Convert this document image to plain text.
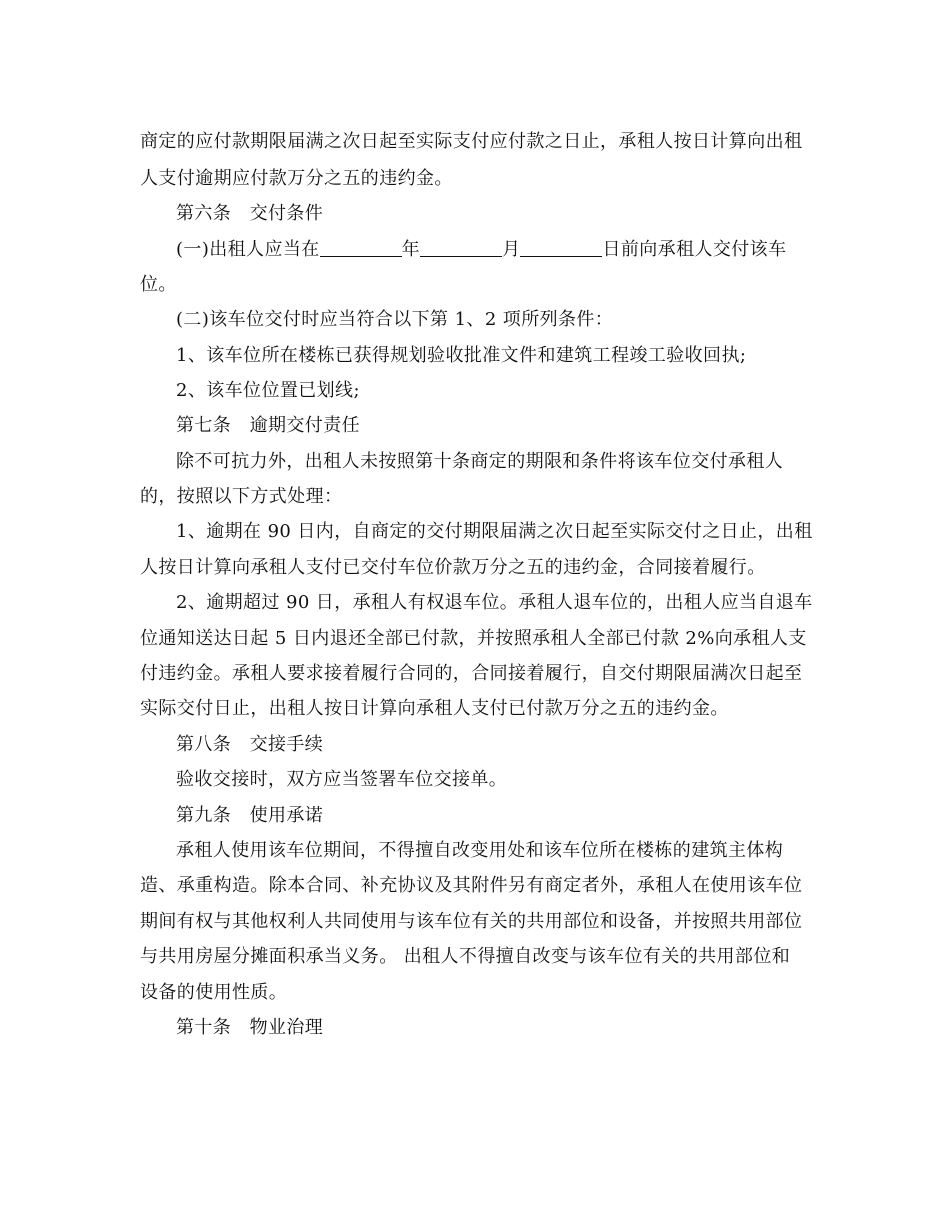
商定的应付款期限届满之次日起至实际支付应付款之日止，承租人按日计算向出租
人支付逾期应付款万分之五的违约金。
第六条　交付条件
(一)出租人应当在	年	月	日前向承租人交付该车
位。
(二)该车位交付时应当符合以下第 1、2 项所列条件：
1、该车位所在楼栋已获得规划验收批准文件和建筑工程竣工验收回执;
2、该车位位置已划线;
第七条　逾期交付责任
除不可抗力外，出租人未按照第十条商定的期限和条件将该车位交付承租人
的，按照以下方式处理：
1、逾期在 90 日内，自商定的交付期限届满之次日起至实际交付之日止，出租
人按日计算向承租人支付已交付车位价款万分之五的违约金，合同接着履行。
2、逾期超过 90 日，承租人有权退车位。承租人退车位的，出租人应当自退车
位通知送达日起 5 日内退还全部已付款，并按照承租人全部已付款 2%向承租人支
付违约金。承租人要求接着履行合同的，合同接着履行，自交付期限届满次日起至
实际交付日止，出租人按日计算向承租人支付已付款万分之五的违约金。
第八条　交接手续
验收交接时，双方应当签署车位交接单。
第九条　使用承诺
承租人使用该车位期间，不得擅自改变用处和该车位所在楼栋的建筑主体构
造、承重构造。除本合同、补充协议及其附件另有商定者外，承租人在使用该车位
期间有权与其他权利人共同使用与该车位有关的共用部位和设备，并按照共用部位
与共用房屋分摊面积承当义务。 出租人不得擅自改变与该车位有关的共用部位和
设备的使用性质。
第十条　物业治理
